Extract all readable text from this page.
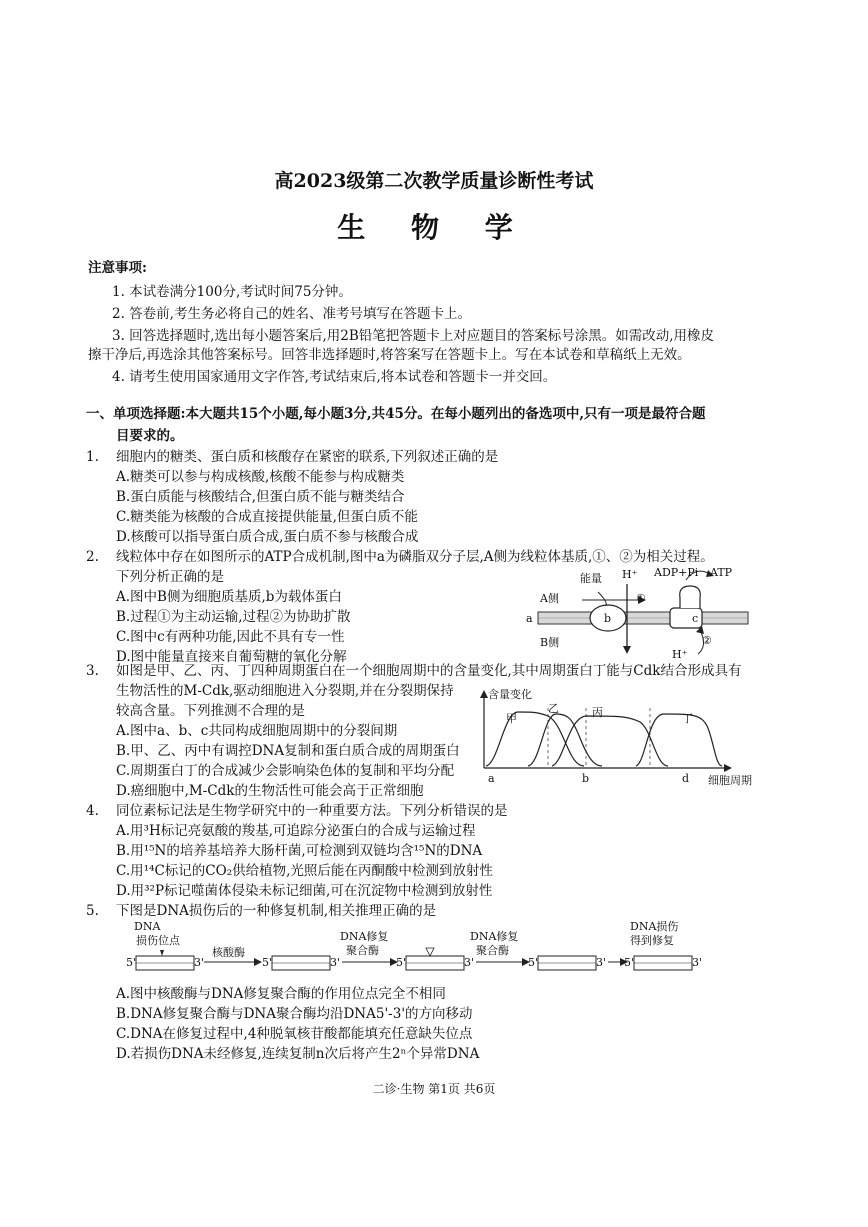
高2023级第二次教学质量诊断性考试
生 物 学
注意事项:
1. 本试卷满分100分,考试时间75分钟。
2. 答卷前,考生务必将自己的姓名、准考号填写在答题卡上。
3. 回答选择题时,选出每小题答案后,用2B铅笔把答题卡上对应题目的答案标号涂黑。如需改动,用橡皮
擦干净后,再选涂其他答案标号。回答非选择题时,将答案写在答题卡上。写在本试卷和草稿纸上无效。
4. 请考生使用国家通用文字作答,考试结束后,将本试卷和答题卡一并交回。
一、单项选择题:本大题共15个小题,每小题3分,共45分。在每小题列出的备选项中,只有一项是最符合题
目要求的。
1. 细胞内的糖类、蛋白质和核酸存在紧密的联系,下列叙述正确的是
A.糖类可以参与构成核酸,核酸不能参与构成糖类
B.蛋白质能与核酸结合,但蛋白质不能与糖类结合
C.糖类能为核酸的合成直接提供能量,但蛋白质不能
D.核酸可以指导蛋白质合成,蛋白质不参与核酸合成
2. 线粒体中存在如图所示的ATP合成机制,图中a为磷脂双分子层,A侧为线粒体基质,①、②为相关过程。
下列分析正确的是
A.图中B侧为细胞质基质,b为载体蛋白
B.过程①为主动运输,过程②为协助扩散
C.图中c有两种功能,因此不具有专一性
D.图中能量直接来自葡萄糖的氧化分解
能量 H⁺ ADP+Pi ATP
A侧
B侧
a	b	c
①
②
H⁺
3. 如图是甲、乙、丙、丁四种周期蛋白在一个细胞周期中的含量变化,其中周期蛋白丁能与Cdk结合形成具有
生物活性的M-Cdk,驱动细胞进入分裂期,并在分裂期保持
较高含量。下列推测不合理的是
A.图中a、b、c共同构成细胞周期中的分裂间期
B.甲、乙、丙中有调控DNA复制和蛋白质合成的周期蛋白
C.周期蛋白丁的合成减少会影响染色体的复制和平均分配
D.癌细胞中,M-Cdk的生物活性可能会高于正常细胞
含量变化
甲
乙	丙	丁
a	b	d 细胞周期
4. 同位素标记法是生物学研究中的一种重要方法。下列分析错误的是
A.用³H标记亮氨酸的羧基,可追踪分泌蛋白的合成与运输过程
B.用¹⁵N的培养基培养大肠杆菌,可检测到双链均含¹⁵N的DNA
C.用¹⁴C标记的CO₂供给植物,光照后能在丙酮酸中检测到放射性
D.用³²P标记噬菌体侵染未标记细菌,可在沉淀物中检测到放射性
5. 下图是DNA损伤后的一种修复机制,相关推理正确的是
DNA
损伤位点
5'	3'
核酸酶
5'	3'
DNA修复
聚合酶
5'	3'
DNA修复
聚合酶
5'	3'
DNA损伤
得到修复
5'	3'
A.图中核酸酶与DNA修复聚合酶的作用位点完全不相同
B.DNA修复聚合酶与DNA聚合酶均沿DNA5'-3'的方向移动
C.DNA在修复过程中,4种脱氧核苷酸都能填充任意缺失位点
D.若损伤DNA未经修复,连续复制n次后将产生2ⁿ个异常DNA
二诊·生物 第1页 共6页
